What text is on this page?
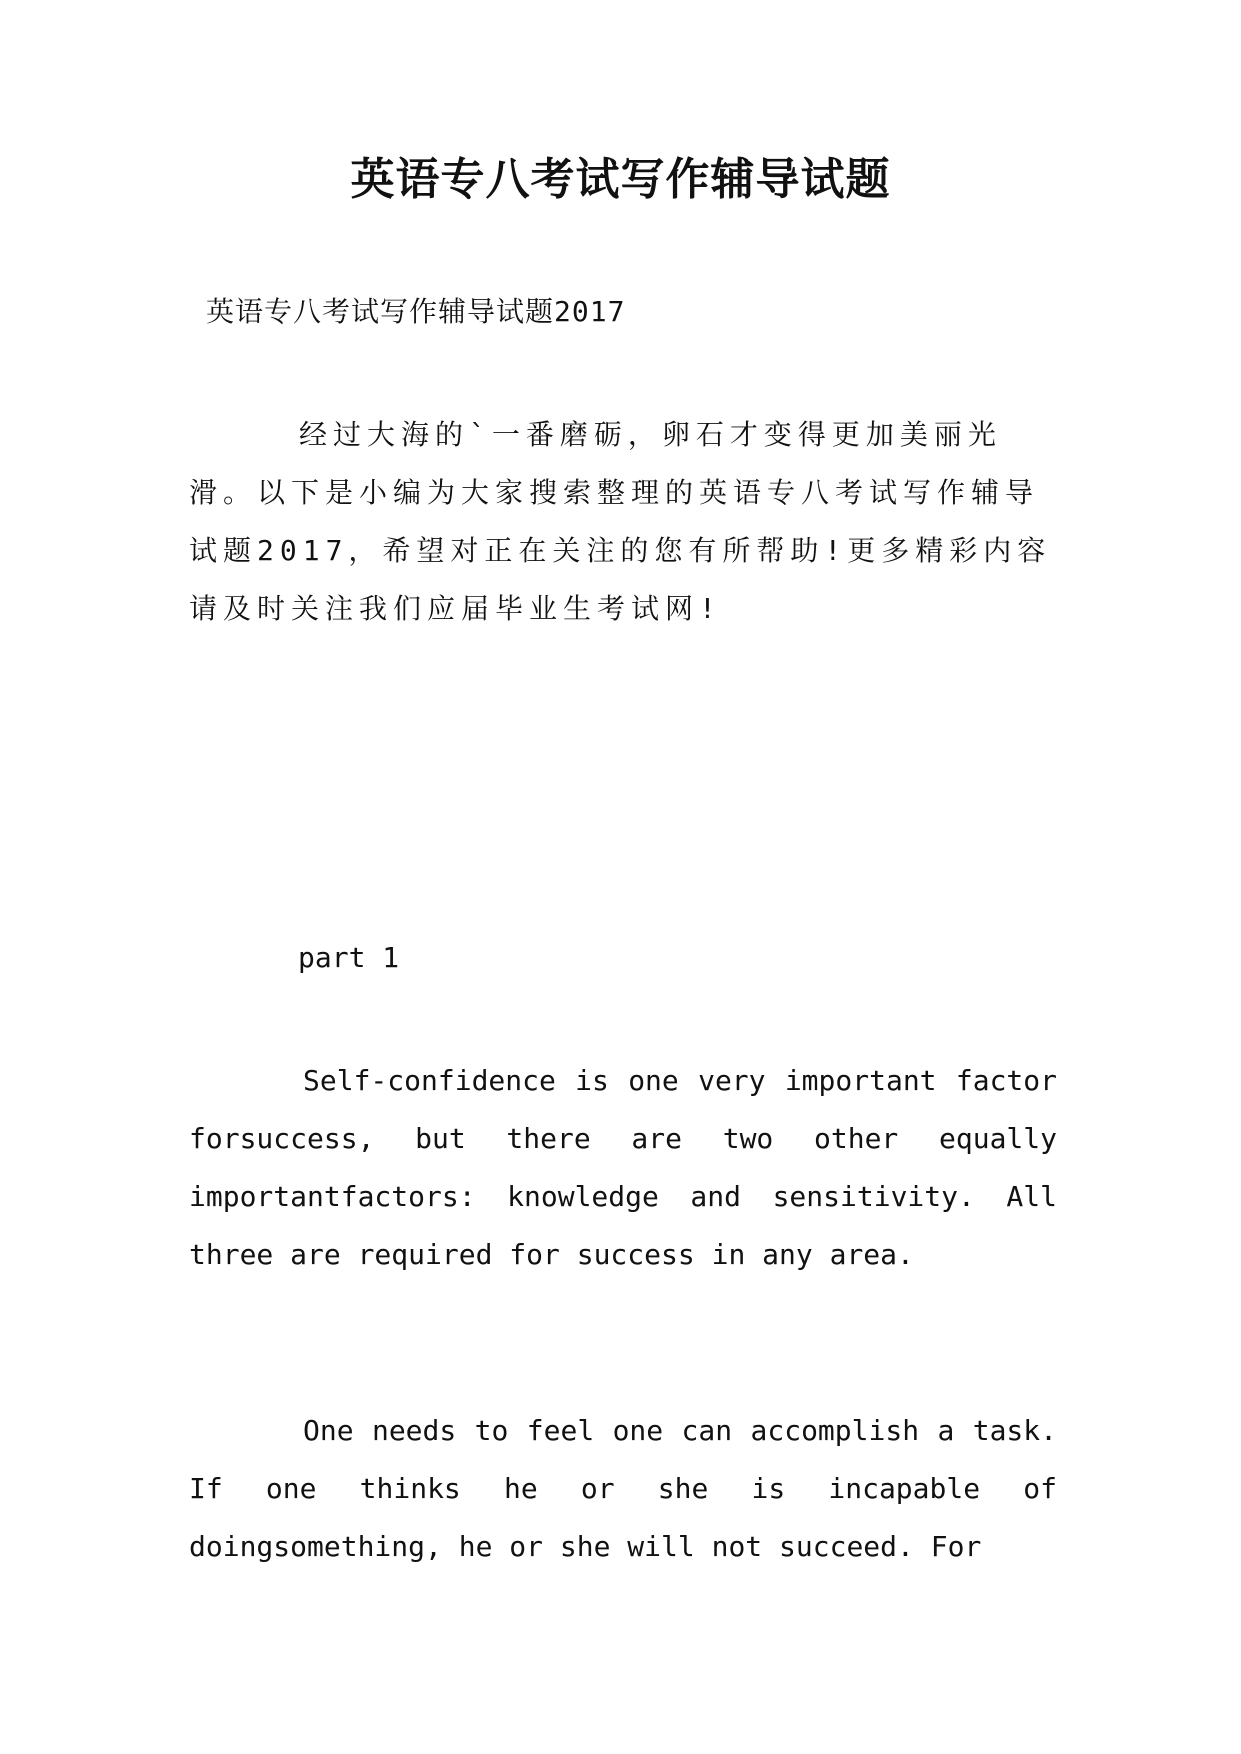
英语专八考试写作辅导试题

英语专八考试写作辅导试题2017

经过大海的`一番磨砺，卵石才变得更加美丽光滑。以下是小编为大家搜索整理的英语专八考试写作辅导试题2017，希望对正在关注的您有所帮助!更多精彩内容请及时关注我们应届毕业生考试网!

part 1

Self-confidence is one very important factor forsuccess, but there are two other equally importantfactors: knowledge and sensitivity. All three are required for success in any area.

One needs to feel one can accomplish a task. If one thinks he or she is incapable of doingsomething, he or she will not succeed. For
